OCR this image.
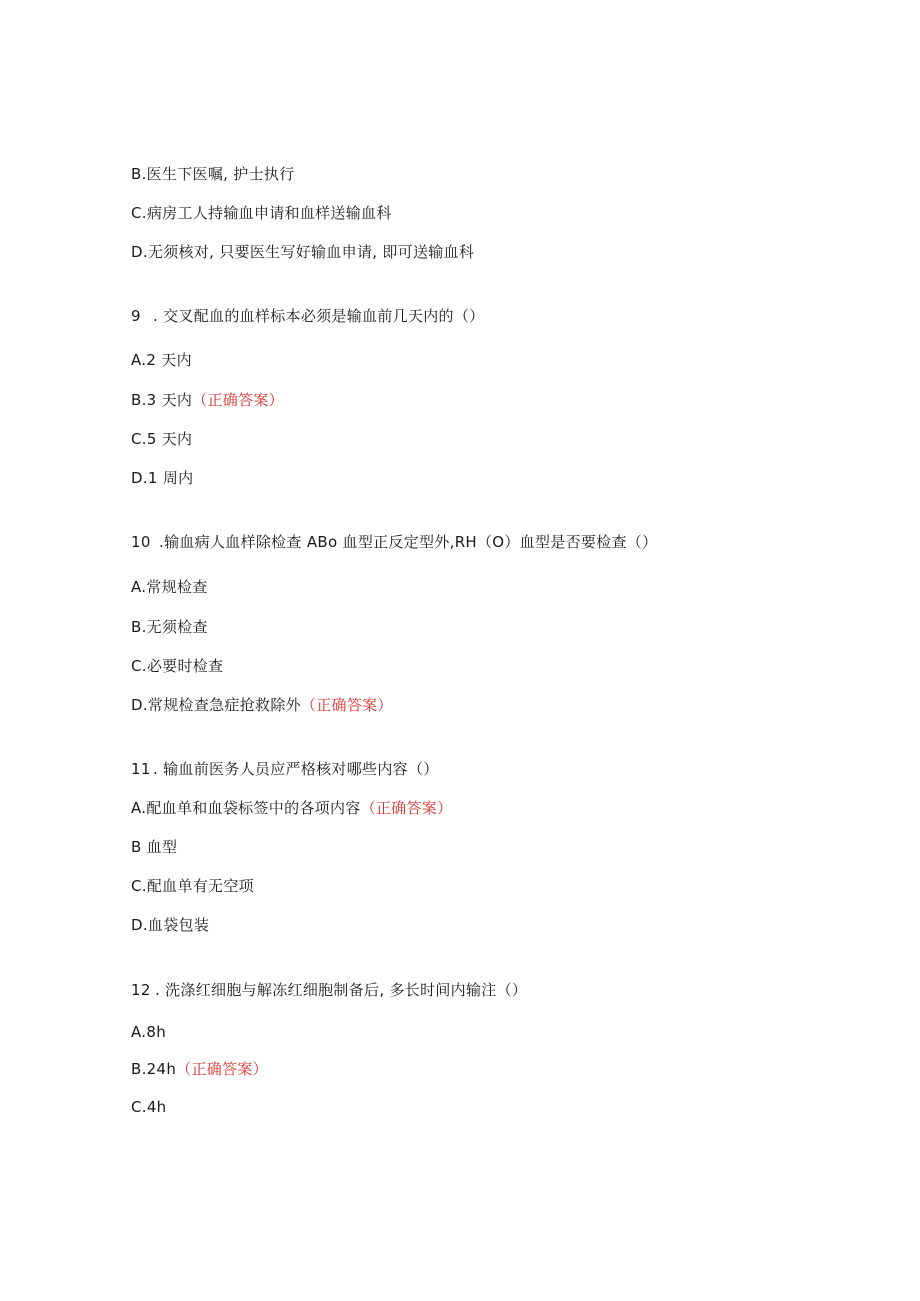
B.医生下医嘱, 护士执行
C.病房工人持输血申请和血样送输血科
D.无须核对, 只要医生写好输血申请, 即可送输血科
9 . 交叉配血的血样标本必须是输血前几天内的（）
A.2 天内
B.3 天内（正确答案）
C.5 天内
D.1 周内
10 .输血病人血样除检查 ABo 血型正反定型外,RH（O）血型是否要检查（）
A.常规检查
B.无须检查
C.必要时检查
D.常规检查急症抢救除外（正确答案）
11 . 输血前医务人员应严格核对哪些内容（）
A.配血单和血袋标签中的各项内容（正确答案）
B 血型
C.配血单有无空项
D.血袋包装
12 . 洗涤红细胞与解冻红细胞制备后, 多长时间内输注（）
A.8h
B.24h（正确答案）
C.4h
